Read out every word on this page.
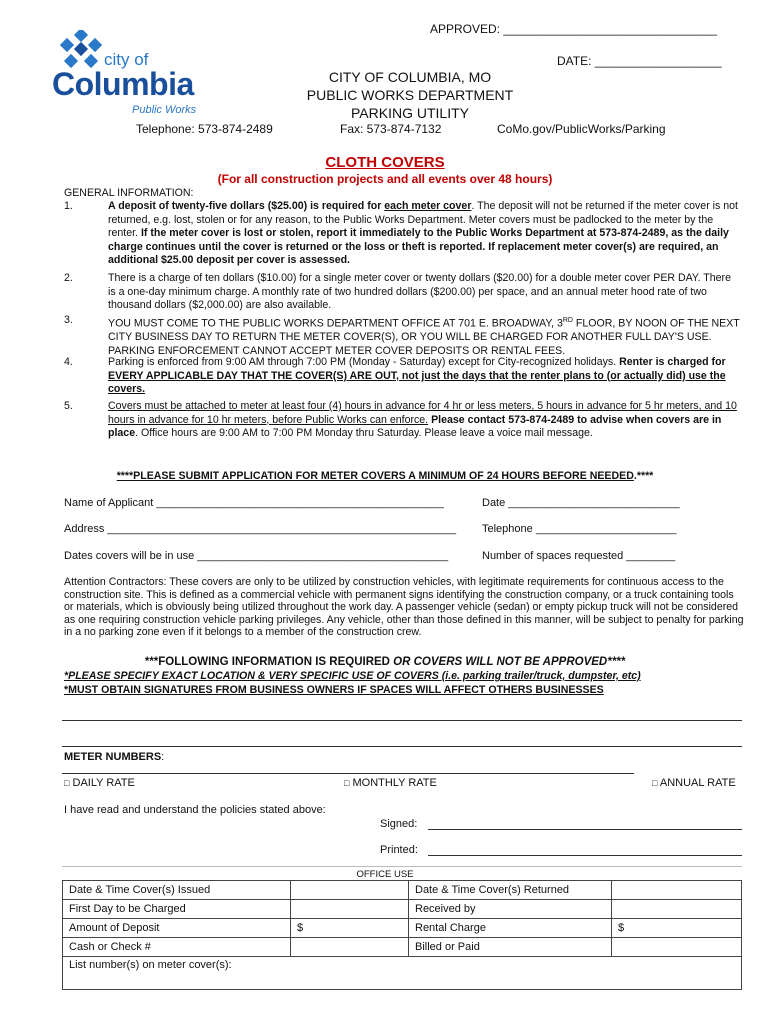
APPROVED: ________________________________
DATE: ___________________
city of
Columbia
Public Works
CITY OF COLUMBIA, MO
PUBLIC WORKS DEPARTMENT
PARKING UTILITY
Telephone: 573-874-2489	Fax: 573-874-7132	CoMo.gov/PublicWorks/Parking
CLOTH COVERS
(For all construction projects and all events over 48 hours)
GENERAL INFORMATION:
1.	A deposit of twenty-five dollars ($25.00) is required for each meter cover. The deposit will not be returned if the meter cover is not returned, e.g. lost, stolen or for any reason, to the Public Works Department. Meter covers must be padlocked to the meter by the renter. If the meter cover is lost or stolen, report it immediately to the Public Works Department at 573-874-2489, as the daily charge continues until the cover is returned or the loss or theft is reported. If replacement meter cover(s) are required, an additional $25.00 deposit per cover is assessed.
2.	There is a charge of ten dollars ($10.00) for a single meter cover or twenty dollars ($20.00) for a double meter cover PER DAY. There is a one-day minimum charge. A monthly rate of two hundred dollars ($200.00) per space, and an annual meter hood rate of two thousand dollars ($2,000.00) are also available.
3.	YOU MUST COME TO THE PUBLIC WORKS DEPARTMENT OFFICE AT 701 E. BROADWAY, 3RD FLOOR, BY NOON OF THE NEXT CITY BUSINESS DAY TO RETURN THE METER COVER(S), OR YOU WILL BE CHARGED FOR ANOTHER FULL DAY'S USE. PARKING ENFORCEMENT CANNOT ACCEPT METER COVER DEPOSITS OR RENTAL FEES.
4.	Parking is enforced from 9:00 AM through 7:00 PM (Monday - Saturday) except for City-recognized holidays. Renter is charged for EVERY APPLICABLE DAY THAT THE COVER(S) ARE OUT, not just the days that the renter plans to (or actually did) use the covers.
5.	Covers must be attached to meter at least four (4) hours in advance for 4 hr or less meters, 5 hours in advance for 5 hr meters, and 10 hours in advance for 10 hr meters, before Public Works can enforce. Please contact 573-874-2489 to advise when covers are in place. Office hours are 9:00 AM to 7:00 PM Monday thru Saturday. Please leave a voice mail message.
****PLEASE SUBMIT APPLICATION FOR METER COVERS A MINIMUM OF 24 HOURS BEFORE NEEDED.****
Name of Applicant _______________________________________________	Date ____________________________
Address _________________________________________________________ Telephone _______________________
Dates covers will be in use _________________________________________	Number of spaces requested ________
Attention Contractors: These covers are only to be utilized by construction vehicles, with legitimate requirements for continuous access to the construction site. This is defined as a commercial vehicle with permanent signs identifying the construction company, or a truck containing tools or materials, which is obviously being utilized throughout the work day. A passenger vehicle (sedan) or empty pickup truck will not be considered as one requiring construction vehicle parking privileges. Any vehicle, other than those defined in this manner, will be subject to penalty for parking in a no parking zone even if it belongs to a member of the construction crew.
***FOLLOWING INFORMATION IS REQUIRED OR COVERS WILL NOT BE APPROVED****
*PLEASE SPECIFY EXACT LOCATION & VERY SPECIFIC USE OF COVERS (i.e. parking trailer/truck, dumpster, etc)
*MUST OBTAIN SIGNATURES FROM BUSINESS OWNERS IF SPACES WILL AFFECT OTHERS BUSINESSES
METER NUMBERS:
□ DAILY RATE	□ MONTHLY RATE	□ ANNUAL RATE
I have read and understand the policies stated above:
Signed:
Printed:
OFFICE USE
Date & Time Cover(s) Issued		Date & Time Cover(s) Returned	
First Day to be Charged		Received by	
Amount of Deposit	$	Rental Charge	$
Cash or Check #		Billed or Paid	
List number(s) on meter cover(s):			
